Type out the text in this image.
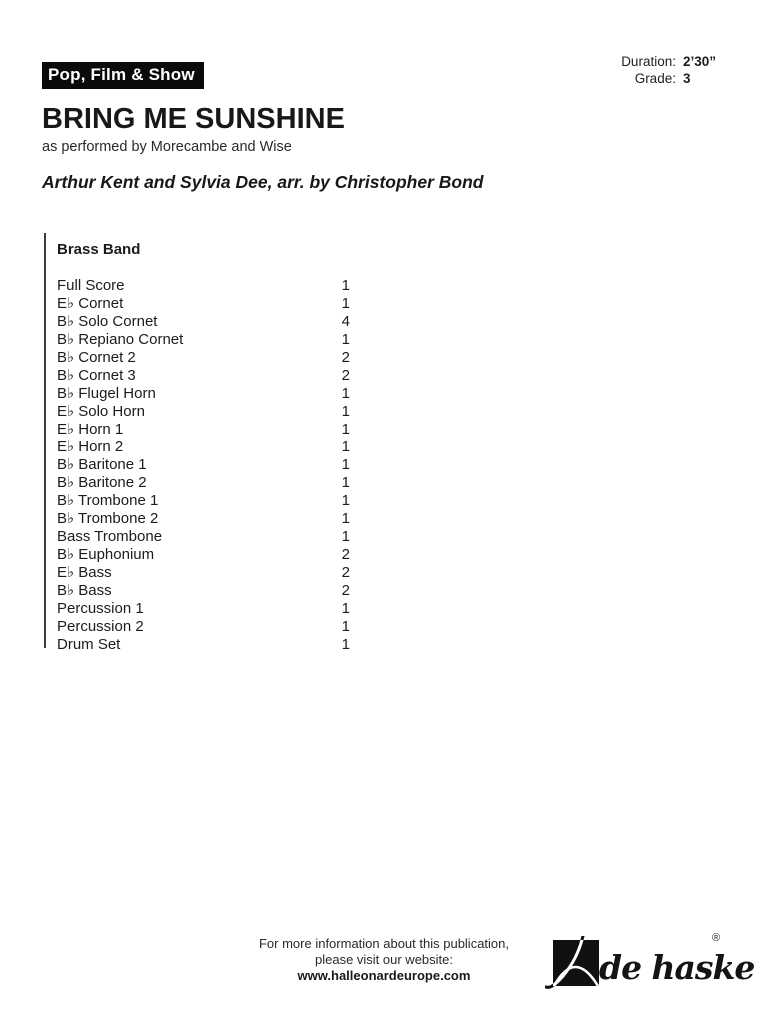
Pop, Film & Show
Duration: 2’30”
Grade: 3
BRING ME SUNSHINE
as performed by Morecambe and Wise
Arthur Kent and Sylvia Dee, arr. by Christopher Bond
Brass Band
Full Score	1
E♭ Cornet	1
B♭ Solo Cornet	4
B♭ Repiano Cornet	1
B♭ Cornet 2	2
B♭ Cornet 3	2
B♭ Flugel Horn	1
E♭ Solo Horn	1
E♭ Horn 1	1
E♭ Horn 2	1
B♭ Baritone 1	1
B♭ Baritone 2	1
B♭ Trombone 1	1
B♭ Trombone 2	1
Bass Trombone	1
B♭ Euphonium	2
E♭ Bass	2
B♭ Bass	2
Percussion 1	1
Percussion 2	1
Drum Set	1
For more information about this publication,
please visit our website:
www.halleonardeurope.com	de haske
®
